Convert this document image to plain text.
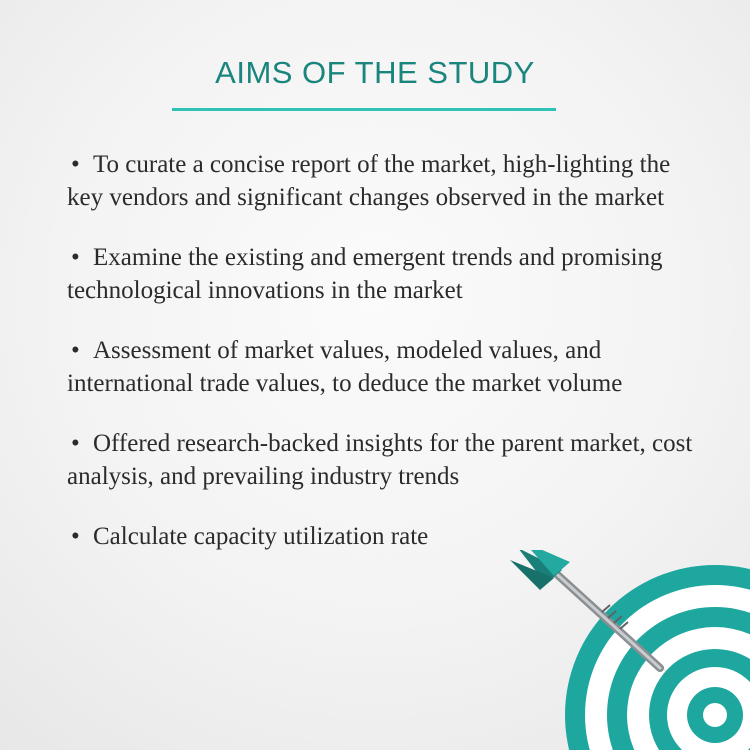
AIMS OF THE STUDY
• To curate a concise report of the market, high-lighting the key vendors and significant changes observed in the market
• Examine the existing and emergent trends and promising technological innovations in the market
• Assessment of market values, modeled values, and international trade values, to deduce the market volume
• Offered research-backed insights for the parent market, cost analysis, and prevailing industry trends
• Calculate capacity utilization rate
